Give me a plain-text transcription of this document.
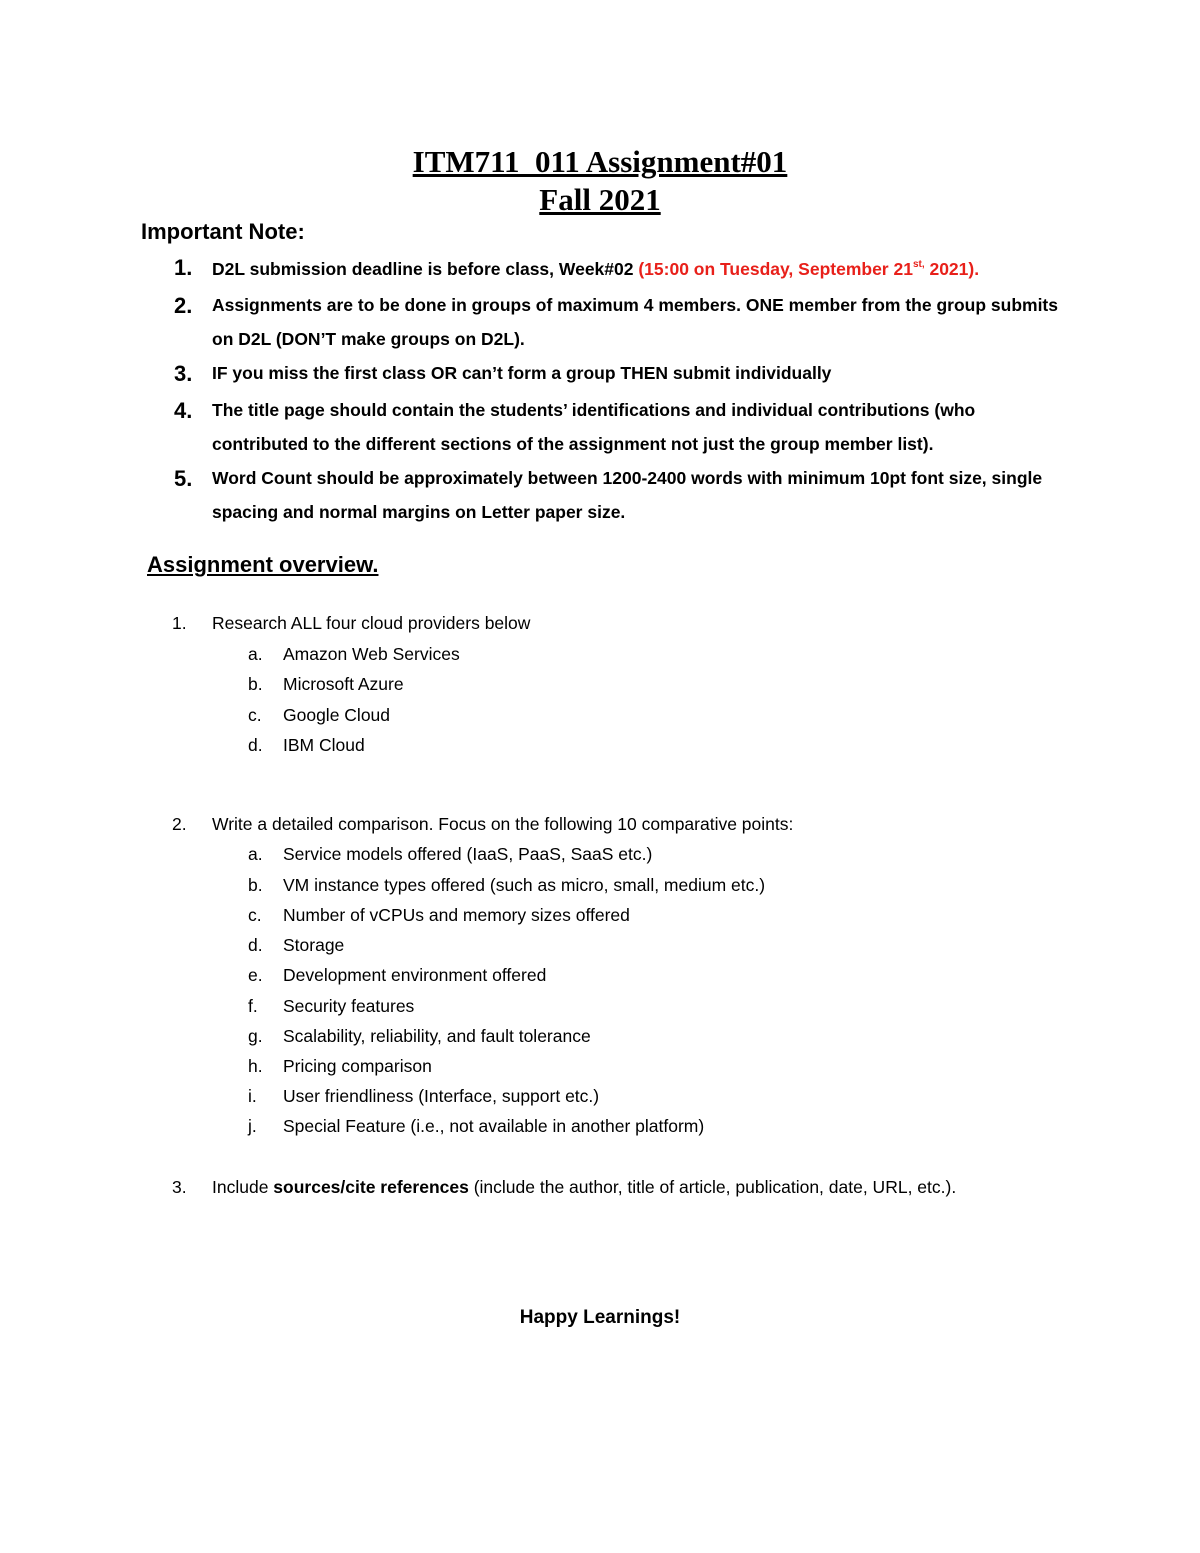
ITM711_011 Assignment#01
Fall 2021
Important Note:
1. D2L submission deadline is before class, Week#02 (15:00 on Tuesday, September $21^{st,}$ 2021).
2. Assignments are to be done in groups of maximum 4 members. ONE member from the group submits on D2L (DON’T make groups on D2L).
3. IF you miss the first class OR can’t form a group THEN submit individually
4. The title page should contain the students’ identifications and individual contributions (who contributed to the different sections of the assignment not just the group member list).
5. Word Count should be approximately between 1200-2400 words with minimum 10pt font size, single spacing and normal margins on Letter paper size.
Assignment overview.
1. Research ALL four cloud providers below
a. Amazon Web Services
b. Microsoft Azure
c. Google Cloud
d. IBM Cloud
2. Write a detailed comparison. Focus on the following 10 comparative points:
a. Service models offered (IaaS, PaaS, SaaS etc.)
b. VM instance types offered (such as micro, small, medium etc.)
c. Number of vCPUs and memory sizes offered
d. Storage
e. Development environment offered
f. Security features
g. Scalability, reliability, and fault tolerance
h. Pricing comparison
i. User friendliness (Interface, support etc.)
j. Special Feature (i.e., not available in another platform)
3. Include sources/cite references (include the author, title of article, publication, date, URL, etc.).

Happy Learnings!
